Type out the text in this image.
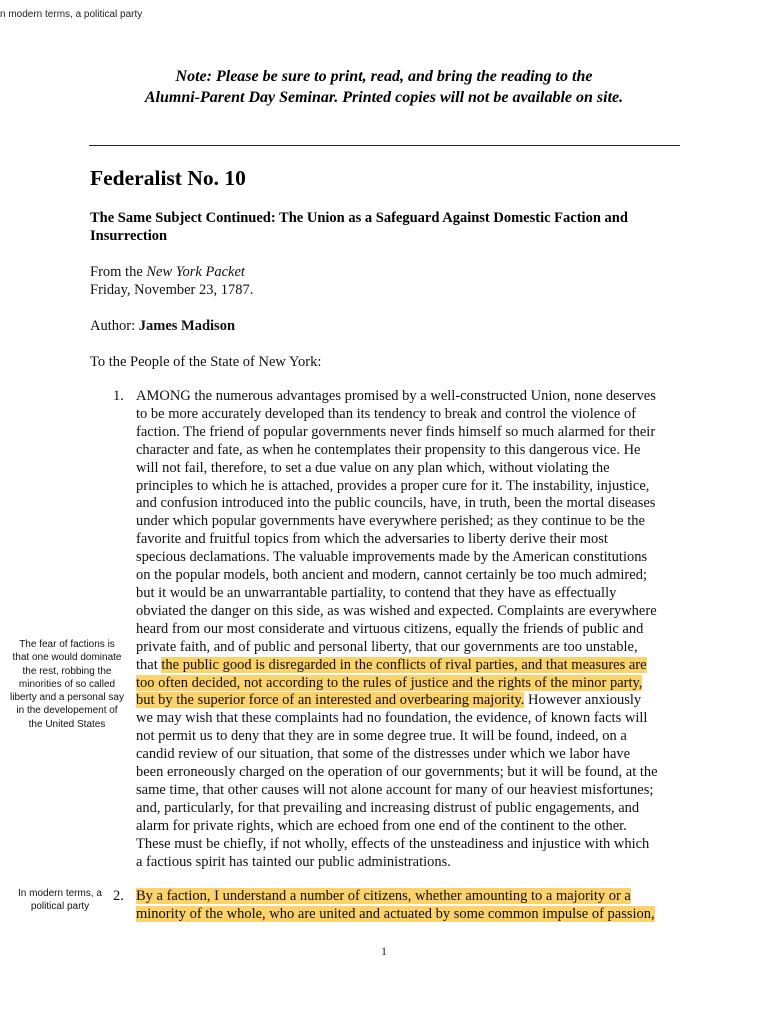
n modern terms, a political party
Note: Please be sure to print, read, and bring the reading to the
Alumni-Parent Day Seminar. Printed copies will not be available on site.
Federalist No. 10
The Same Subject Continued: The Union as a Safeguard Against Domestic Faction and Insurrection
From the New York Packet
Friday, November 23, 1787.
Author: James Madison
To the People of the State of New York:
1. AMONG the numerous advantages promised by a well-constructed Union, none deserves
to be more accurately developed than its tendency to break and control the violence of
faction. The friend of popular governments never finds himself so much alarmed for their
character and fate, as when he contemplates their propensity to this dangerous vice. He
will not fail, therefore, to set a due value on any plan which, without violating the
principles to which he is attached, provides a proper cure for it. The instability, injustice,
and confusion introduced into the public councils, have, in truth, been the mortal diseases
under which popular governments have everywhere perished; as they continue to be the
favorite and fruitful topics from which the adversaries to liberty derive their most
specious declamations. The valuable improvements made by the American constitutions
on the popular models, both ancient and modern, cannot certainly be too much admired;
but it would be an unwarrantable partiality, to contend that they have as effectually
obviated the danger on this side, as was wished and expected. Complaints are everywhere
heard from our most considerate and virtuous citizens, equally the friends of public and
private faith, and of public and personal liberty, that our governments are too unstable,
that the public good is disregarded in the conflicts of rival parties, and that measures are
too often decided, not according to the rules of justice and the rights of the minor party,
but by the superior force of an interested and overbearing majority. However anxiously
we may wish that these complaints had no foundation, the evidence, of known facts will
not permit us to deny that they are in some degree true. It will be found, indeed, on a
candid review of our situation, that some of the distresses under which we labor have
been erroneously charged on the operation of our governments; but it will be found, at the
same time, that other causes will not alone account for many of our heaviest misfortunes;
and, particularly, for that prevailing and increasing distrust of public engagements, and
alarm for private rights, which are echoed from one end of the continent to the other.
These must be chiefly, if not wholly, effects of the unsteadiness and injustice with which
a factious spirit has tainted our public administrations.
The fear of factions is
that one would dominate
the rest, robbing the
minorities of so called
liberty and a personal say
in the developement of
the United States
2. By a faction, I understand a number of citizens, whether amounting to a majority or a
minority of the whole, who are united and actuated by some common impulse of passion,
In modern terms, a
political party
1
